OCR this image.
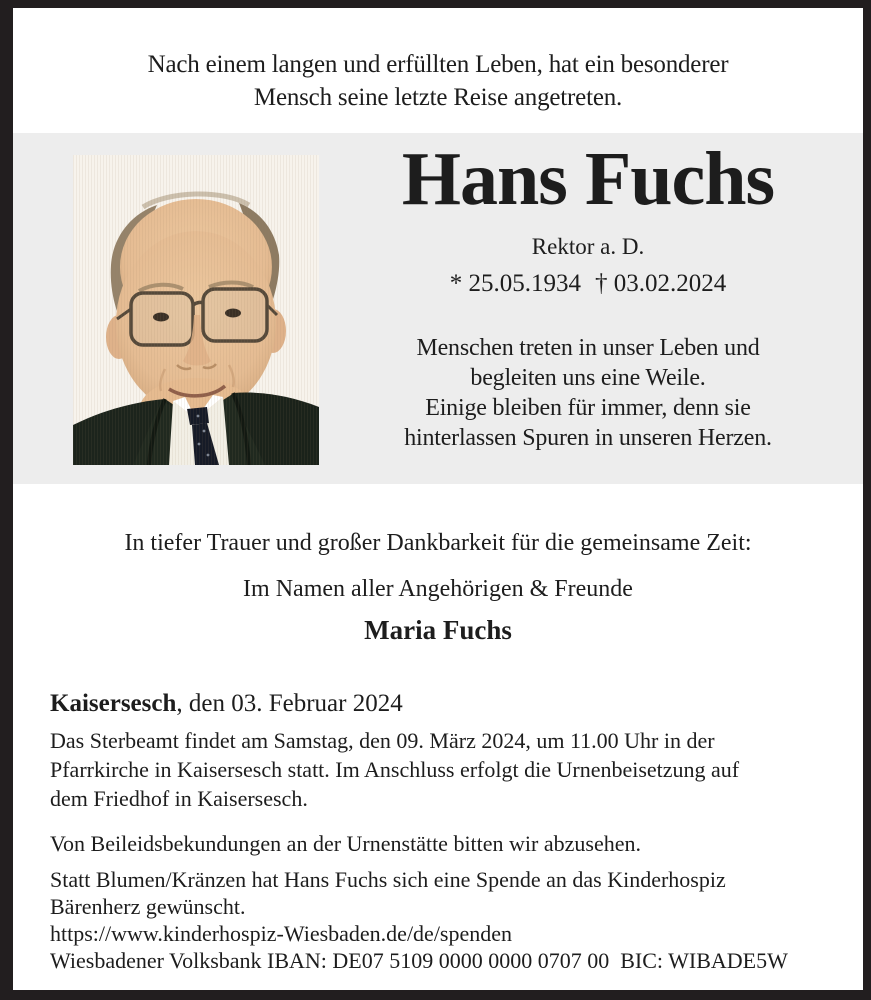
Nach einem langen und erfüllten Leben, hat ein besonderer
Mensch seine letzte Reise angetreten.
Hans Fuchs
Rektor a. D.
* 25.05.1934 † 03.02.2024
Menschen treten in unser Leben und
begleiten uns eine Weile.
Einige bleiben für immer, denn sie
hinterlassen Spuren in unseren Herzen.
In tiefer Trauer und großer Dankbarkeit für die gemeinsame Zeit:
Im Namen aller Angehörigen & Freunde
Maria Fuchs
Kaisersesch, den 03. Februar 2024
Das Sterbeamt findet am Samstag, den 09. März 2024, um 11.00 Uhr in der
Pfarrkirche in Kaisersesch statt. Im Anschluss erfolgt die Urnenbeisetzung auf
dem Friedhof in Kaisersesch.
Von Beileidsbekundungen an der Urnenstätte bitten wir abzusehen.
Statt Blumen/Kränzen hat Hans Fuchs sich eine Spende an das Kinderhospiz
Bärenherz gewünscht.
https://www.kinderhospiz-Wiesbaden.de/de/spenden
Wiesbadener Volksbank IBAN: DE07 5109 0000 0000 0707 00  BIC: WIBADE5W
